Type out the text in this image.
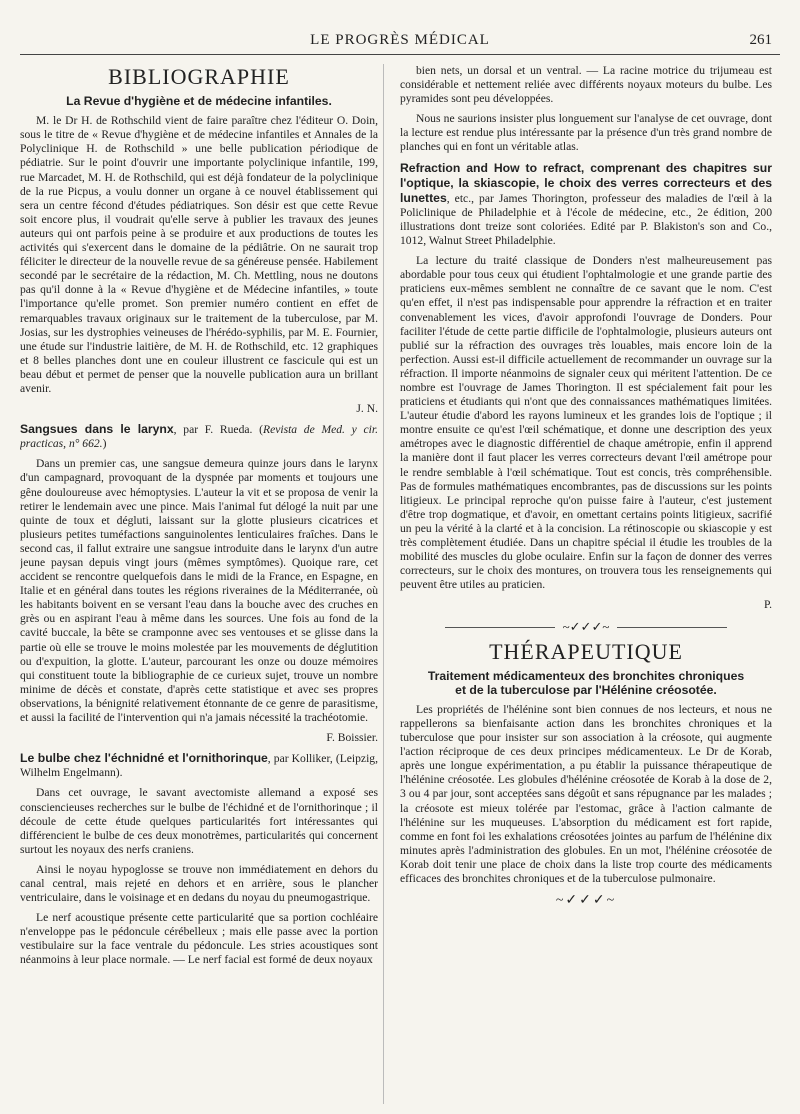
LE PROGRÈS MÉDICAL	261
BIBLIOGRAPHIE
La Revue d'hygiène et de médecine infantiles.

M. le Dr H. de Rothschild vient de faire paraître chez l'éditeur O. Doin, sous le titre de « Revue d'hygiène et de médecine infantiles et Annales de la Polyclinique H. de Rothschild » une belle publication périodique de pédiatrie. Sur le point d'ouvrir une importante polyclinique infantile, 199, rue Marcadet, M. H. de Rothschild, qui est déjà fondateur de la polyclinique de la rue Picpus, a voulu donner un organe à ce nouvel établissement qui sera un centre fécond d'études pédiatriques. Son désir est que cette Revue soit encore plus, il voudrait qu'elle serve à publier les travaux des jeunes auteurs qui ont parfois peine à se produire et aux productions de toutes les activités qui s'exercent dans le domaine de la pédiâtrie. On ne saurait trop féliciter le directeur de la nouvelle revue de sa généreuse pensée. Habilement secondé par le secrétaire de la rédaction, M. Ch. Mettling, nous ne doutons pas qu'il donne à la « Revue d'hygiène et de Médecine infantiles, » toute l'importance qu'elle promet. Son premier numéro contient en effet de remarquables travaux originaux sur le traitement de la tuberculose, par M. Josias, sur les dystrophies veineuses de l'hérédo-syphilis, par M. E. Fournier, une étude sur l'industrie laitière, de M. H. de Rothschild, etc. 12 graphiques et 8 belles planches dont une en couleur illustrent ce fascicule qui est un beau début et permet de penser que la nouvelle publication aura un brillant avenir.

J. N.

Sangsues dans le larynx, par F. Rueda. (Revista de Med. y cir. practicas, n° 662.)

Dans un premier cas, une sangsue demeura quinze jours dans le larynx d'un campagnard, provoquant de la dyspnée par moments et toujours une gêne douloureuse avec hémoptysies. L'auteur la vit et se proposa de venir la retirer le lendemain avec une pince. Mais l'animal fut délogé la nuit par une quinte de toux et dégluti, laissant sur la glotte plusieurs cicatrices et plusieurs petites tuméfactions sanguinolentes lenticulaires fraîches. Dans le second cas, il fallut extraire une sangsue introduite dans le larynx d'un autre jeune paysan depuis vingt jours (mêmes symptômes). Quoique rare, cet accident se rencontre quelquefois dans le midi de la France, en Espagne, en Italie et en général dans toutes les régions riveraines de la Méditerranée, où les habitants boivent en se versant l'eau dans la bouche avec des cruches en grès ou en aspirant l'eau à même dans les sources. Une fois au fond de la cavité buccale, la bête se cramponne avec ses ventouses et se glisse dans la partie où elle se trouve le moins molestée par les mouvements de déglutition ou d'expuition, la glotte. L'auteur, parcourant les onze ou douze mémoires qui constituent toute la bibliographie de ce curieux sujet, trouve un nombre minime de décès et constate, d'après cette statistique et avec ses propres observations, la bénignité relativement étonnante de ce genre de parasitisme, et aussi la facilité de l'intervention qui n'a jamais nécessité la trachéotomie.

F. Boissier.

Le bulbe chez l'échnidné et l'ornithorinque, par Kolliker, (Leipzig, Wilhelm Engelmann).

Dans cet ouvrage, le savant avectomiste allemand a exposé ses consciencieuses recherches sur le bulbe de l'échidné et de l'ornithorinque ; il découle de cette étude quelques particularités fort intéressantes qui différencient le bulbe de ces deux monotrèmes, particularités qui concernent surtout les noyaux des nerfs craniens.

Ainsi le noyau hypoglosse se trouve non immédiatement en dehors du canal central, mais rejeté en dehors et en arrière, sous le plancher ventriculaire, dans le voisinage et en dedans du noyau du pneumogastrique.

Le nerf acoustique présente cette particularité que sa portion cochléaire n'enveloppe pas le pédoncule cérébelleux ; mais elle passe avec la portion vestibulaire sur la face ventrale du pédoncule. Les stries acoustiques sont néanmoins à leur place normale. — Le nerf facial est formé de deux noyaux

bien nets, un dorsal et un ventral. — La racine motrice du trijumeau est considérable et nettement reliée avec différents noyaux moteurs du bulbe. Les pyramides sont peu développées.

Nous ne saurions insister plus longuement sur l'analyse de cet ouvrage, dont la lecture est rendue plus intéressante par la présence d'un très grand nombre de planches qui en font un véritable atlas.

Refraction and How to refract, comprenant des chapitres sur l'optique, la skiascopie, le choix des verres correcteurs et des lunettes, etc., par James Thorington, professeur des maladies de l'œil à la Policlinique de Philadelphie et à l'école de médecine, etc., 2e édition, 200 illustrations dont treize sont coloriées. Edité par P. Blakiston's son and Co., 1012, Walnut Street Philadelphie.

La lecture du traité classique de Donders n'est malheureusement pas abordable pour tous ceux qui étudient l'ophtalmologie et une grande partie des praticiens eux-mêmes semblent ne connaître de ce savant que le nom. C'est qu'en effet, il n'est pas indispensable pour apprendre la réfraction et en traiter convenablement les vices, d'avoir approfondi l'ouvrage de Donders. Pour faciliter l'étude de cette partie difficile de l'ophtalmologie, plusieurs auteurs ont publié sur la réfraction des ouvrages très louables, mais encore loin de la perfection. Aussi est-il difficile actuellement de recommander un ouvrage sur la réfraction. Il importe néanmoins de signaler ceux qui méritent l'attention. De ce nombre est l'ouvrage de James Thorington. Il est spécialement fait pour les praticiens et étudiants qui n'ont que des connaissances mathématiques limitées. L'auteur étudie d'abord les rayons lumineux et les grandes lois de l'optique ; il montre ensuite ce qu'est l'œil schématique, et donne une description des yeux amétropes avec le diagnostic différentiel de chaque amétropie, enfin il apprend la manière dont il faut placer les verres correcteurs devant l'œil amétrope pour le rendre semblable à l'œil schématique. Tout est concis, très compréhensible. Pas de formules mathématiques encombrantes, pas de discussions sur les points litigieux. Le principal reproche qu'on puisse faire à l'auteur, c'est justement d'être trop dogmatique, et d'avoir, en omettant certains points litigieux, sacrifié un peu la vérité à la clarté et à la concision. La rétinoscopie ou skiascopie y est très complètement étudiée. Dans un chapitre spécial il étudie les troubles de la mobilité des muscles du globe oculaire. Enfin sur la façon de donner des verres correcteurs, sur le choix des montures, on trouvera tous les renseignements qui peuvent être utiles au praticien.

P.

~✓✓✓~
THÉRAPEUTIQUE
Traitement médicamenteux des bronchites chroniques
et de la tuberculose par l'Hélénine créosotée.

Les propriétés de l'hélénine sont bien connues de nos lecteurs, et nous ne rappellerons sa bienfaisante action dans les bronchites chroniques et la tuberculose que pour insister sur son association à la créosote, qui augmente l'action réciproque de ces deux principes médicamenteux. Le Dr de Korab, après une longue expérimentation, a pu établir la puissance thérapeutique de l'hélénine créosotée. Les globules d'hélénine créosotée de Korab à la dose de 2, 3 ou 4 par jour, sont acceptées sans dégoût et sans répugnance par les malades ; la créosote est mieux tolérée par l'estomac, grâce à l'action calmante de l'hélénine sur les muqueuses. L'absorption du médicament est fort rapide, comme en font foi les exhalations créosotées jointes au parfum de l'hélénine dix minutes après l'administration des globules. En un mot, l'hélénine créosotée de Korab doit tenir une place de choix dans la liste trop courte des médicaments efficaces des bronchites chroniques et de la tuberculose pulmonaire.

~✓✓✓~
